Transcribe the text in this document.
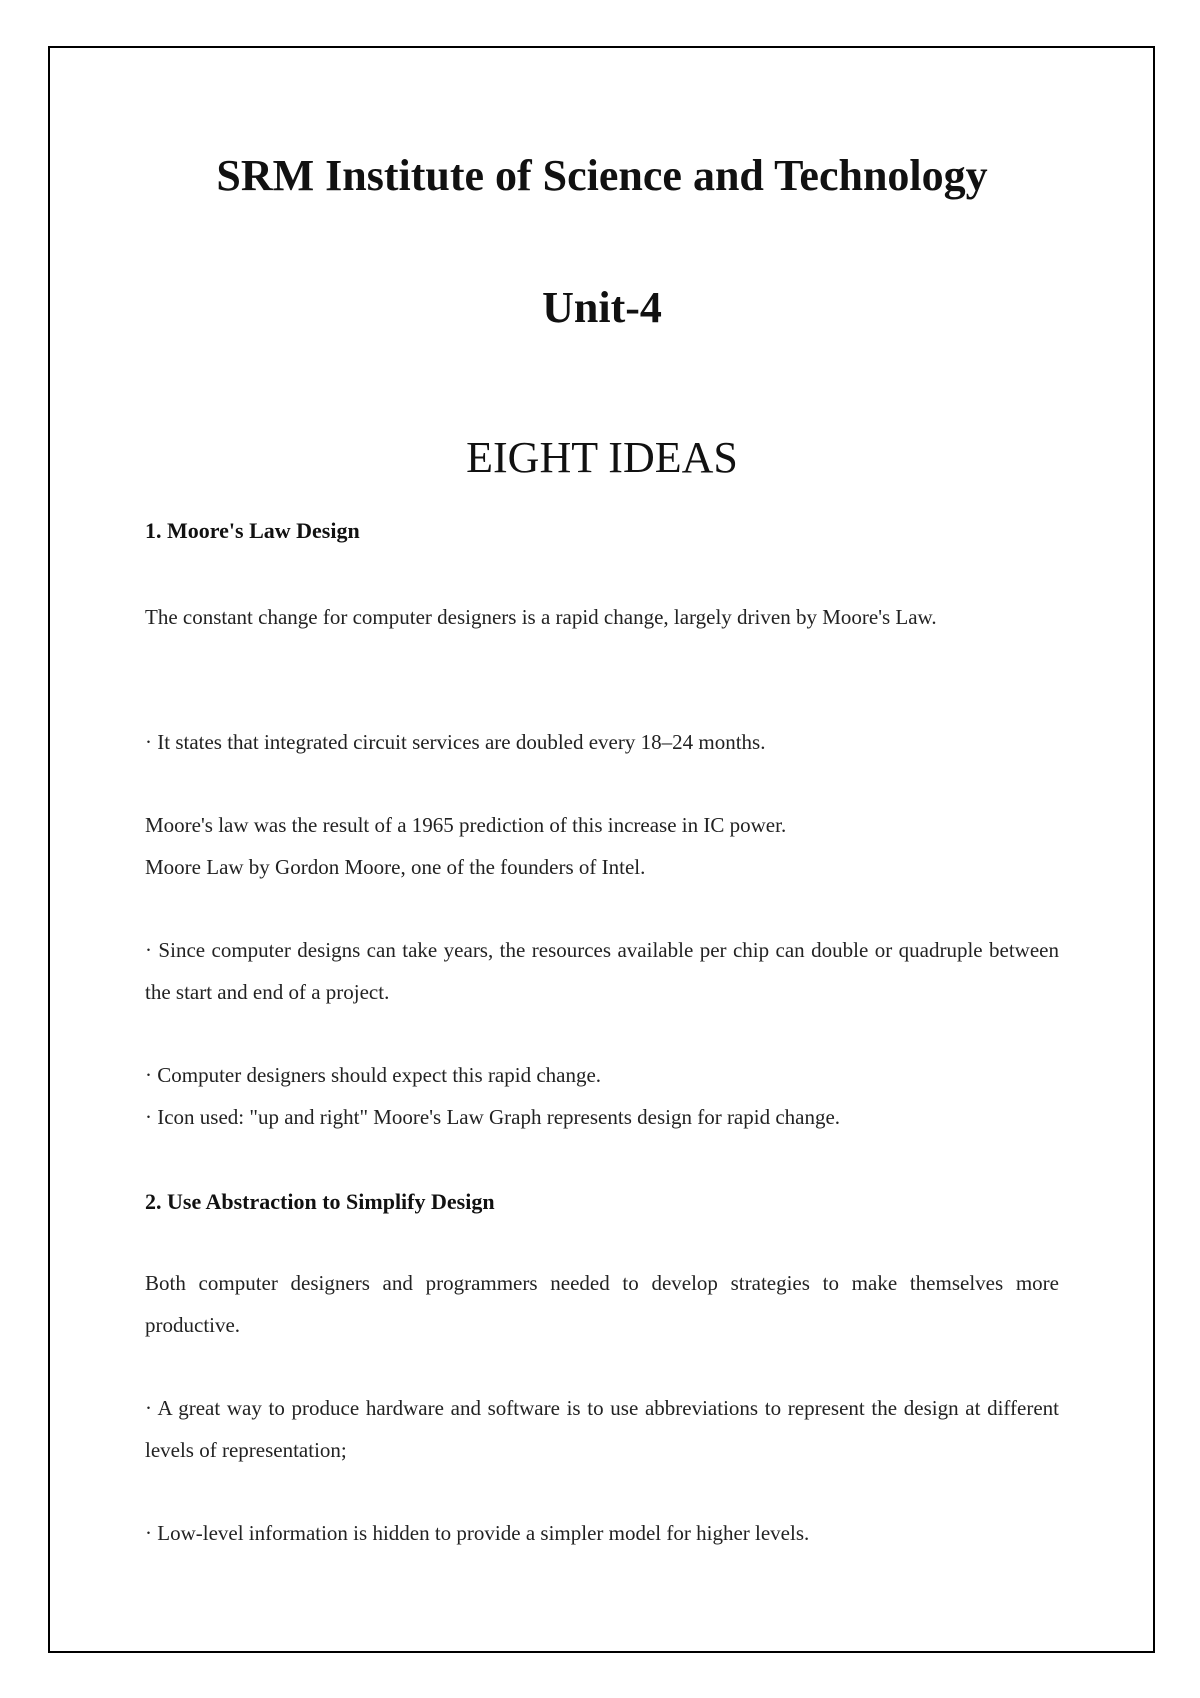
SRM Institute of Science and Technology
Unit-4
EIGHT IDEAS
1. Moore's Law Design

The constant change for computer designers is a rapid change, largely driven by Moore's Law.

· It states that integrated circuit services are doubled every 18–24 months.

Moore's law was the result of a 1965 prediction of this increase in IC power.

Moore Law by Gordon Moore, one of the founders of Intel.

· Since computer designs can take years, the resources available per chip can double or quadruple between the start and end of a project.

· Computer designers should expect this rapid change.

· Icon used: "up and right" Moore's Law Graph represents design for rapid change.

2. Use Abstraction to Simplify Design

Both computer designers and programmers needed to develop strategies to make themselves more productive.

· A great way to produce hardware and software is to use abbreviations to represent the design at different levels of representation;

· Low-level information is hidden to provide a simpler model for higher levels.
